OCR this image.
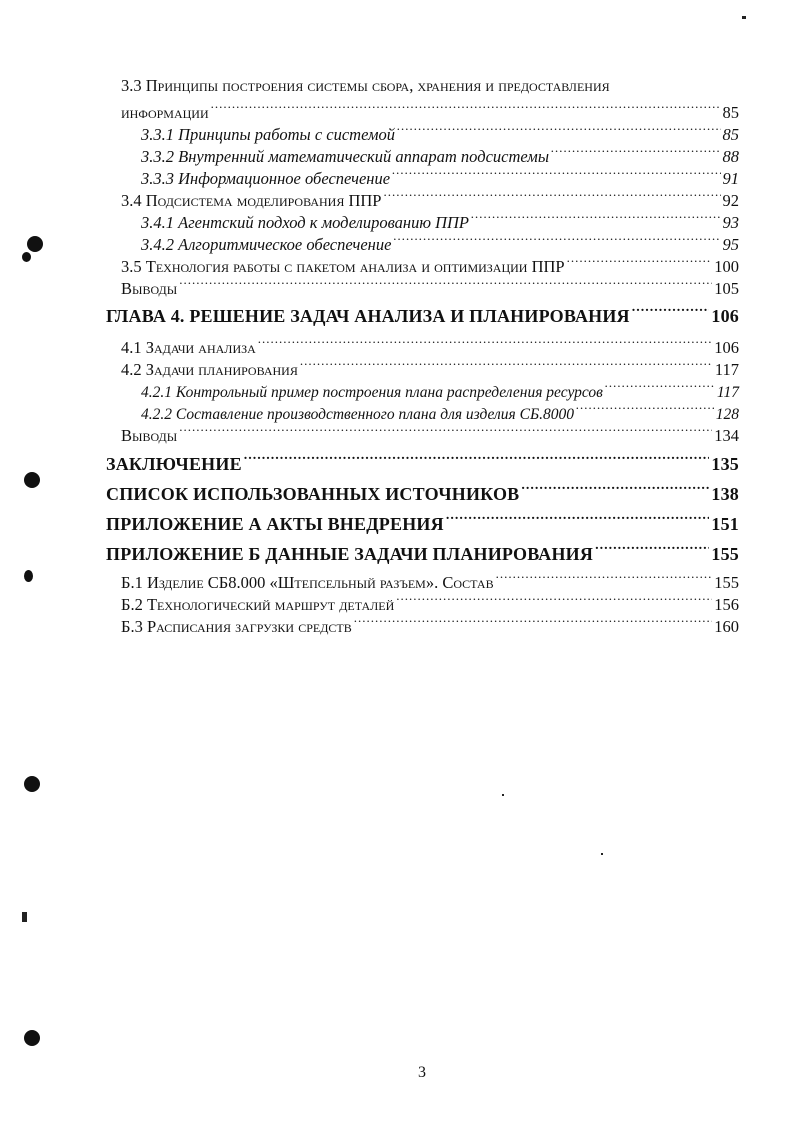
3.3 Принципы построения системы сбора, хранения и предоставления
информации .....	85
3.3.1 Принципы работы с системой .....	85
3.3.2 Внутренний математический аппарат подсистемы .....	88
3.3.3 Информационное обеспечение .....	91
3.4 Подсистема моделирования ППР .....	92
3.4.1 Агентский подход к моделированию ППР .....	93
3.4.2 Алгоритмическое обеспечение .....	95
3.5 Технология работы с пакетом анализа и оптимизации ППР .....	100
Выводы .....	105
ГЛАВА 4. РЕШЕНИЕ ЗАДАЧ АНАЛИЗА И ПЛАНИРОВАНИЯ .....	106
4.1 Задачи анализа .....	106
4.2 Задачи планирования .....	117
4.2.1 Контрольный пример построения плана распределения ресурсов .....	117
4.2.2 Составление производственного плана для изделия СБ.8000 .....	128
Выводы .....	134
ЗАКЛЮЧЕНИЕ .....	135
СПИСОК ИСПОЛЬЗОВАННЫХ ИСТОЧНИКОВ .....	138
ПРИЛОЖЕНИЕ А АКТЫ ВНЕДРЕНИЯ .....	151
ПРИЛОЖЕНИЕ Б ДАННЫЕ ЗАДАЧИ ПЛАНИРОВАНИЯ .....	155
Б.1 Изделие СБ8.000 «Штепсельный разъем». Состав .....	155
Б.2 Технологический маршрут деталей .....	156
Б.3 Расписания загрузки средств .....	160
3
